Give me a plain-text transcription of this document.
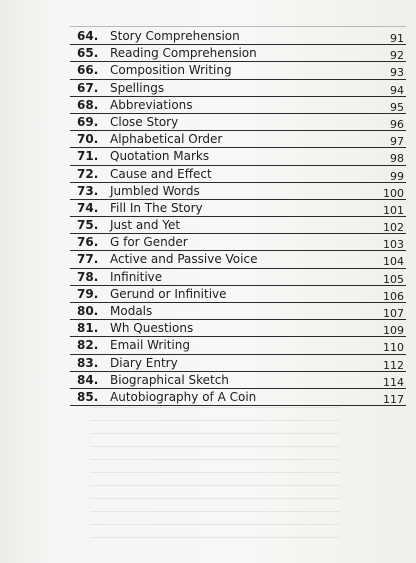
64. Story Comprehension	91
65. Reading Comprehension	92
66. Composition Writing	93
67. Spellings	94
68. Abbreviations	95
69. Close Story	96
70. Alphabetical Order	97
71. Quotation Marks	98
72. Cause and Effect	99
73. Jumbled Words	100
74. Fill In The Story	101
75. Just and Yet	102
76. G for Gender	103
77. Active and Passive Voice	104
78. Infinitive	105
79. Gerund or Infinitive	106
80. Modals	107
81. Wh Questions	109
82. Email Writing	110
83. Diary Entry	112
84. Biographical Sketch	114
85. Autobiography of A Coin	117
